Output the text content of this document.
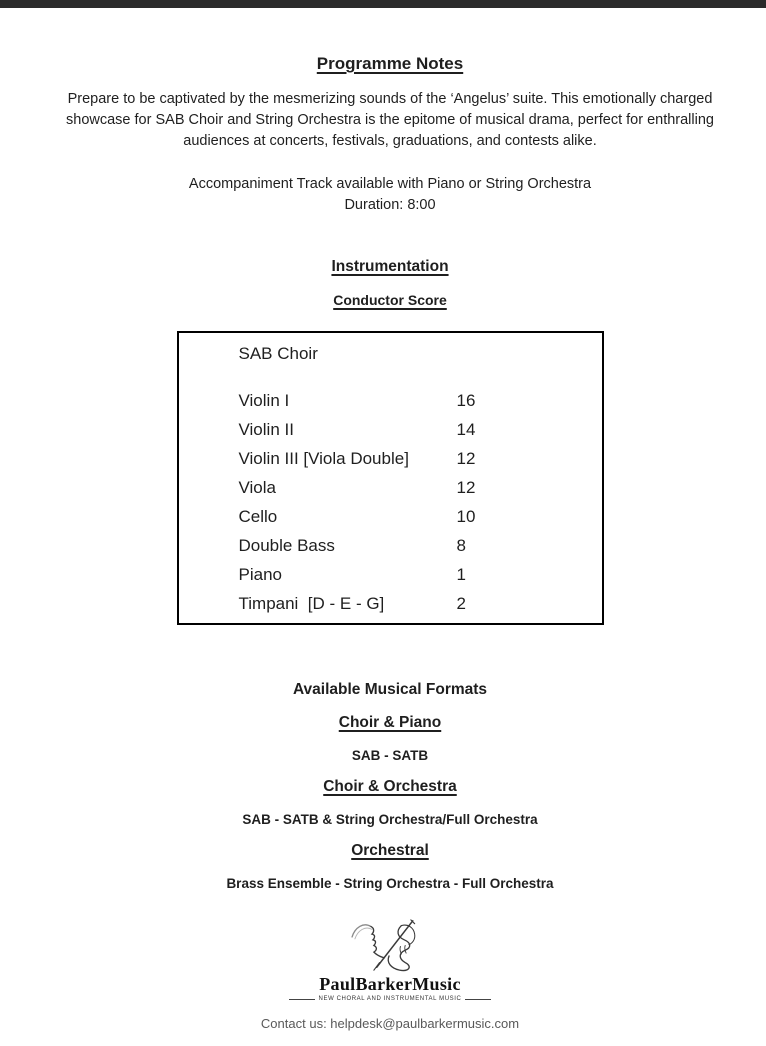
Programme Notes

Prepare to be captivated by the mesmerizing sounds of the ‘Angelus’ suite. This emotionally charged showcase for SAB Choir and String Orchestra is the epitome of musical drama, perfect for enthralling audiences at concerts, festivals, graduations, and contests alike.

Accompaniment Track available with Piano or String Orchestra
Duration: 8:00
Instrumentation
Conductor Score
SAB Choir
Violin I	16
Violin II	14
Violin III [Viola Double]	12
Viola	12
Cello	10
Double Bass	8
Piano	1
Timpani  [D - E - G]	2
Available Musical Formats
Choir & Piano
SAB - SATB
Choir & Orchestra
SAB - SATB & String Orchestra/Full Orchestra
Orchestral
Brass Ensemble - String Orchestra - Full Orchestra
PaulBarkerMusic
NEW CHORAL AND INSTRUMENTAL MUSIC
Contact us: helpdesk@paulbarkermusic.com
